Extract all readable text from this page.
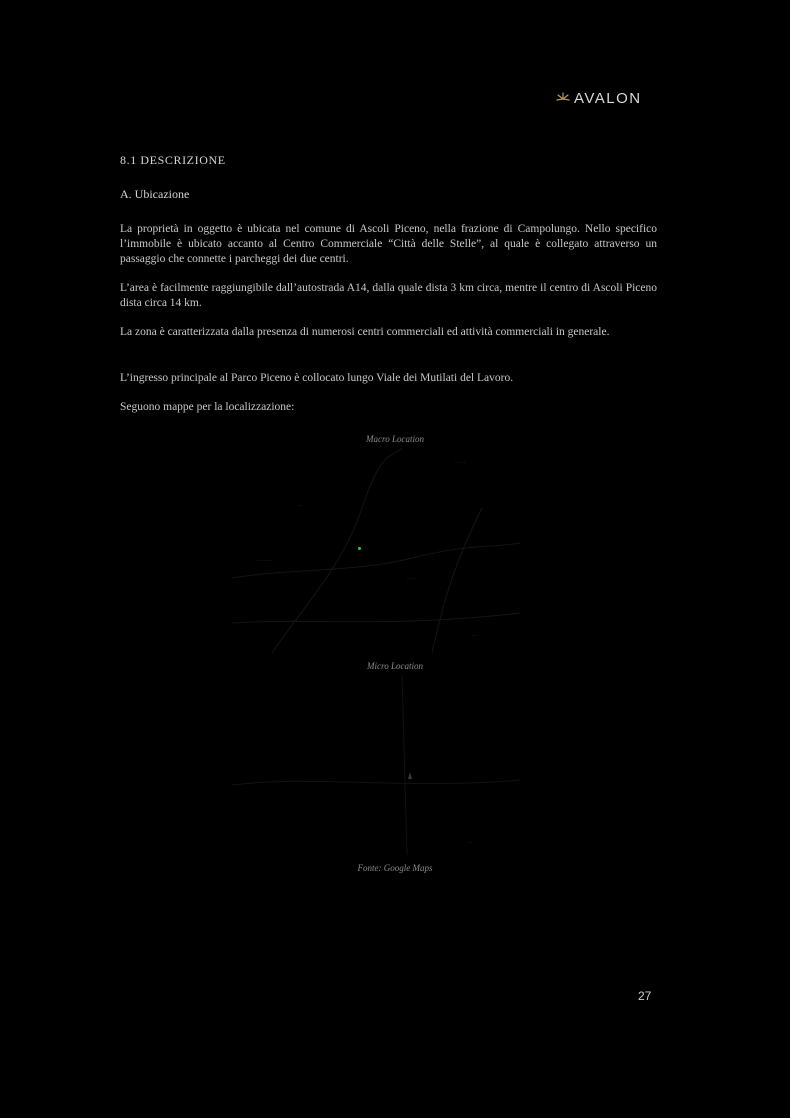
AVALON
8.1 DESCRIZIONE
A. Ubicazione

La proprietà in oggetto è ubicata nel comune di Ascoli Piceno, nella frazione di Campolungo. Nello specifico l’immobile è ubicato accanto al Centro Commerciale “Città delle Stelle”, al quale è collegato attraverso un passaggio che connette i parcheggi dei due centri.

L’area è facilmente raggiungibile dall’autostrada A14, dalla quale dista 3 km circa, mentre il centro di Ascoli Piceno dista circa 14 km.

La zona è caratterizzata dalla presenza di numerosi centri commerciali ed attività commerciali in generale.

L’ingresso principale al Parco Piceno è collocato lungo Viale dei Mutilati del Lavoro.

Seguono mappe per la localizzazione:

Macro Location
·· ·· ··
···
·········
·· ···
···
···
Micro Location
···
Fonte: Google Maps
27
